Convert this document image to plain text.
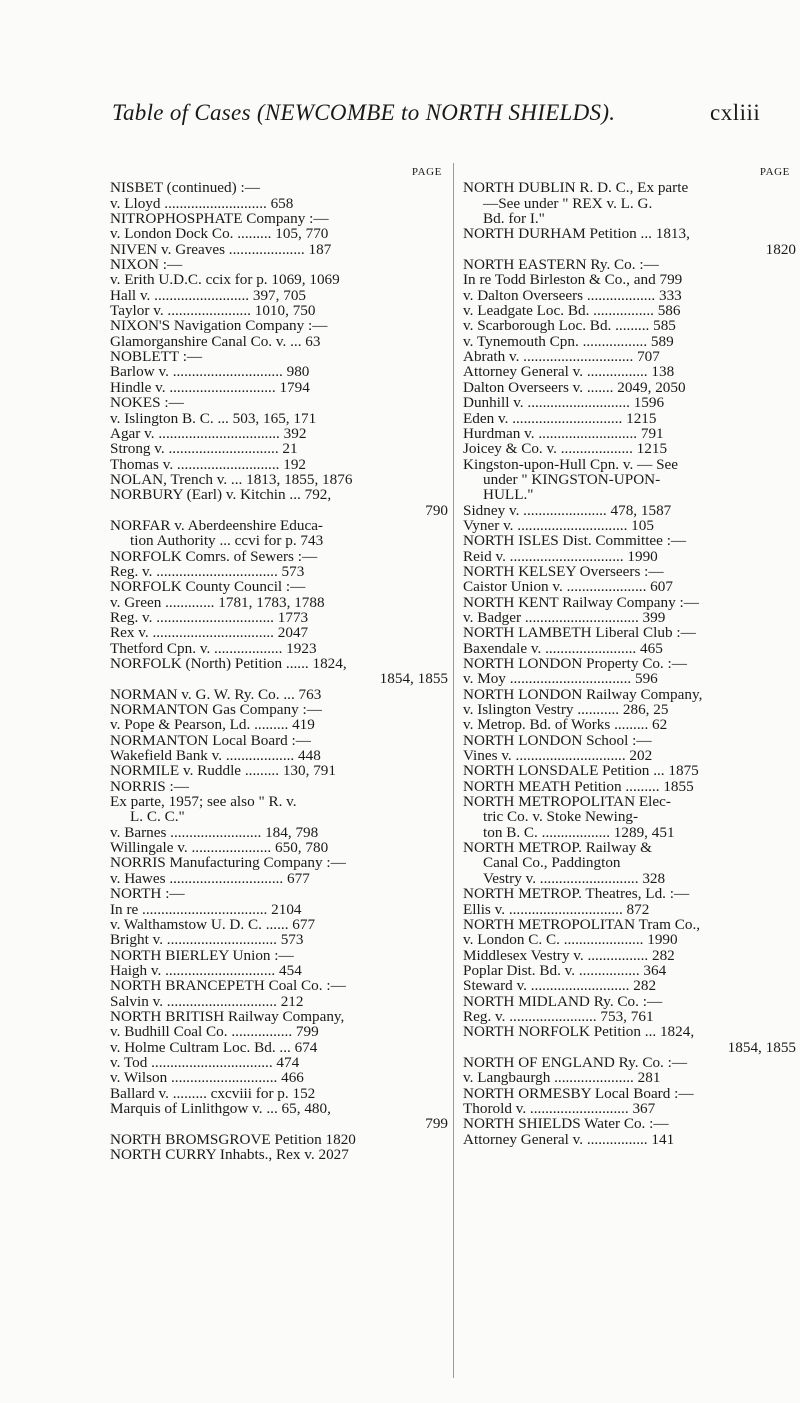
Table of Cases (NEWCOMBE to NORTH SHIELDS).	cxliii
PAGE
NISBET (continued) :—
v. Lloyd ........................... 658
NITROPHOSPHATE Company :—
v. London Dock Co. ......... 105, 770
NIVEN v. Greaves .................... 187
NIXON :—
v. Erith U.D.C. ccix for p. 1069, 1069
Hall v. ......................... 397, 705
Taylor v. ...................... 1010, 750
NIXON'S Navigation Company :—
Glamorganshire Canal Co. v. ... 63
NOBLETT :—
Barlow v. ............................. 980
Hindle v. ............................ 1794
NOKES :—
v. Islington B. C. ... 503, 165, 171
Agar v. ................................ 392
Strong v. ............................. 21
Thomas v. ........................... 192
NOLAN, Trench v. ... 1813, 1855, 1876
NORBURY (Earl) v. Kitchin ... 792,
790
NORFAR v. Aberdeenshire Educa-
tion Authority ... ccvi for p. 743
NORFOLK Comrs. of Sewers :—
Reg. v. ................................ 573
NORFOLK County Council :—
v. Green ............. 1781, 1783, 1788
Reg. v. ............................... 1773
Rex v. ................................ 2047
Thetford Cpn. v. .................. 1923
NORFOLK (North) Petition ...... 1824,
1854, 1855
NORMAN v. G. W. Ry. Co. ... 763
NORMANTON Gas Company :—
v. Pope & Pearson, Ld. ......... 419
NORMANTON Local Board :—
Wakefield Bank v. .................. 448
NORMILE v. Ruddle ......... 130, 791
NORRIS :—
Ex parte, 1957; see also " R. v.
L. C. C."
v. Barnes ........................ 184, 798
Willingale v. ..................... 650, 780
NORRIS Manufacturing Company :—
v. Hawes .............................. 677
NORTH :—
In re ................................. 2104
v. Walthamstow U. D. C. ...... 677
Bright v. ............................. 573
NORTH BIERLEY Union :—
Haigh v. ............................. 454
NORTH BRANCEPETH Coal Co. :—
Salvin v. ............................. 212
NORTH BRITISH Railway Company,
v. Budhill Coal Co. ................ 799
v. Holme Cultram Loc. Bd. ... 674
v. Tod ................................ 474
v. Wilson ............................ 466
Ballard v. ......... cxcviii for p. 152
Marquis of Linlithgow v. ... 65, 480,
799
NORTH BROMSGROVE Petition 1820
NORTH CURRY Inhabts., Rex v. 2027
PAGE
NORTH DUBLIN R. D. C., Ex parte
—See under " REX v. L. G.
Bd. for I."
NORTH DURHAM Petition ... 1813,
1820
NORTH EASTERN Ry. Co. :—
In re Todd Birleston & Co., and 799
v. Dalton Overseers .................. 333
v. Leadgate Loc. Bd. ................ 586
v. Scarborough Loc. Bd. ......... 585
v. Tynemouth Cpn. ................. 589
Abrath v. ............................. 707
Attorney General v. ................ 138
Dalton Overseers v. ....... 2049, 2050
Dunhill v. ........................... 1596
Eden v. ............................. 1215
Hurdman v. .......................... 791
Joicey & Co. v. ................... 1215
Kingston-upon-Hull Cpn. v. — See
under " KINGSTON-UPON-
HULL."
Sidney v. ...................... 478, 1587
Vyner v. ............................. 105
NORTH ISLES Dist. Committee :—
Reid v. .............................. 1990
NORTH KELSEY Overseers :—
Caistor Union v. ..................... 607
NORTH KENT Railway Company :—
v. Badger .............................. 399
NORTH LAMBETH Liberal Club :—
Baxendale v. ........................ 465
NORTH LONDON Property Co. :—
v. Moy ................................ 596
NORTH LONDON Railway Company,
v. Islington Vestry ........... 286, 25
v. Metrop. Bd. of Works ......... 62
NORTH LONDON School :—
Vines v. ............................. 202
NORTH LONSDALE Petition ... 1875
NORTH MEATH Petition ......... 1855
NORTH METROPOLITAN Elec-
tric Co. v. Stoke Newing-
ton B. C. .................. 1289, 451
NORTH METROP. Railway &
Canal Co., Paddington
Vestry v. .......................... 328
NORTH METROP. Theatres, Ld. :—
Ellis v. .............................. 872
NORTH METROPOLITAN Tram Co.,
v. London C. C. ..................... 1990
Middlesex Vestry v. ................ 282
Poplar Dist. Bd. v. ................ 364
Steward v. .......................... 282
NORTH MIDLAND Ry. Co. :—
Reg. v. ....................... 753, 761
NORTH NORFOLK Petition ... 1824,
1854, 1855
NORTH OF ENGLAND Ry. Co. :—
v. Langbaurgh ..................... 281
NORTH ORMESBY Local Board :—
Thorold v. .......................... 367
NORTH SHIELDS Water Co. :—
Attorney General v. ................ 141
